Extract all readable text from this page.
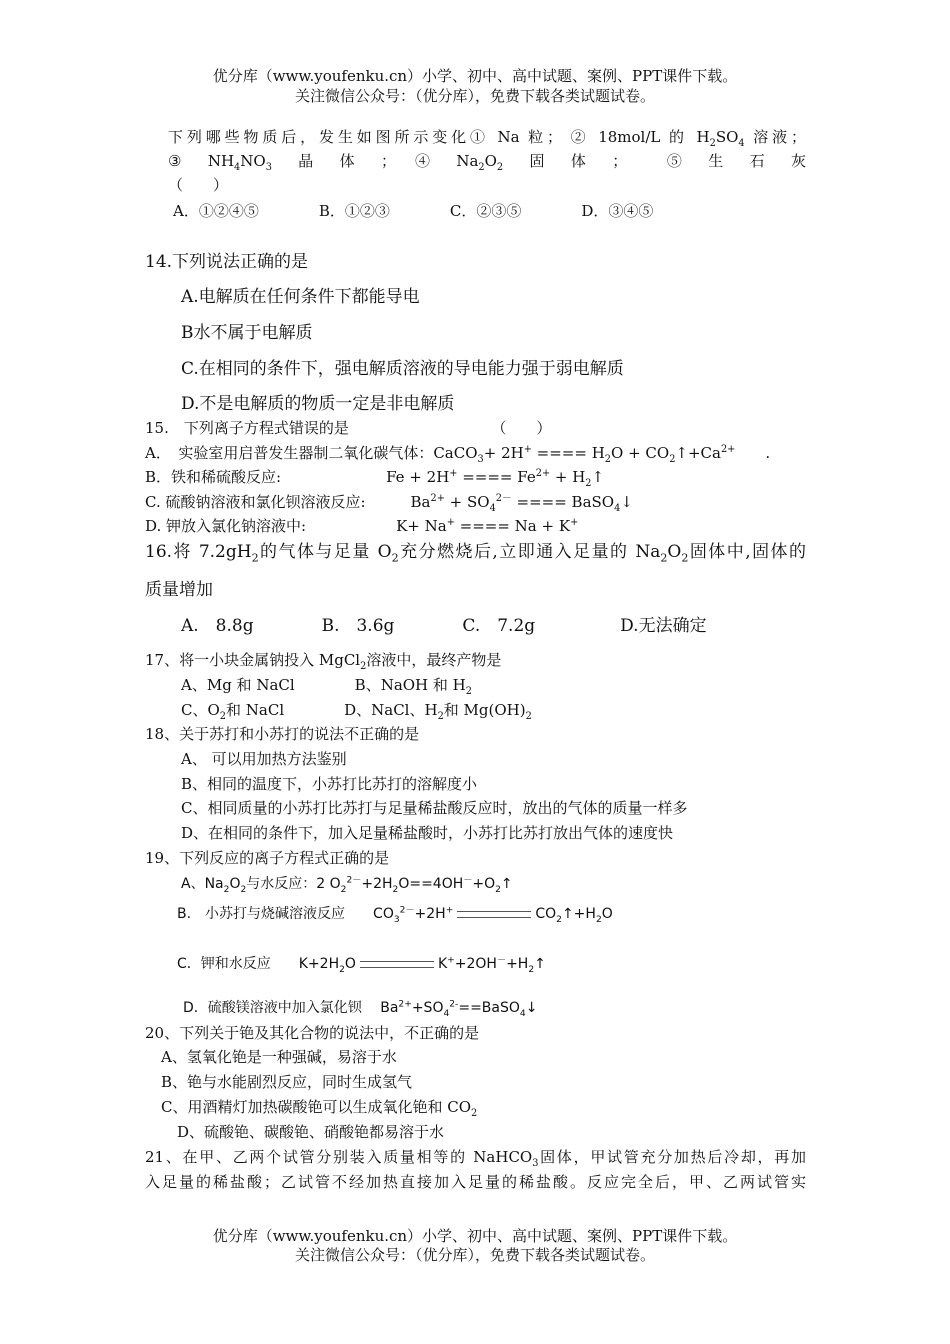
优分库（www.youfenku.cn）小学、初中、高中试题、案例、PPT课件下载。
关注微信公众号：（优分库），免费下载各类试题试卷。
下列哪些物质后，发生如图所示变化① Na 粒； ② 18mol/L 的 $H_2SO_4$ 溶液；
③　$NH_4NO_3$　晶　体　；　④　$Na_2O_2$　固　体　；　　⑤　生　石　灰
（　　）
A．①②④⑤　　　　B．①②③　　　　C．②③⑤　　　　D．③④⑤
14.下列说法正确的是
A.电解质在任何条件下都能导电
B水不属于电解质
C.在相同的条件下，强电解质溶液的导电能力强于弱电解质
D.不是电解质的物质一定是非电解质
15.　下列离子方程式错误的是　　　　　　　　　　（　　）
A．　实验室用启普发生器制二氧化碳气体：CaCO$_3$+ 2H+ ==== $H_2O$ + $CO_2↑+Ca^{2+}$　　.
B．铁和稀硫酸反应:　　　　　　　Fe + 2H+ ==== $Fe^{2+}$ + $H_2↑$
C. 硫酸钠溶液和氯化钡溶液反应:　　　$Ba^{2+} + SO_4^{2-}$ ==== BaSO$_4$↓
D. 钾放入氯化钠溶液中:　　　　　　K+ Na+ ==== Na + K+
16.将 $7.2gH_2$的气体与足量 $O_2$充分燃烧后,立即通入足量的 $Na_2O_2$固体中,固体的
质量增加
A.　8.8g　　　　B.　3.6g　　　　C.　7.2g　　　　　D.无法确定
17、将一小块金属钠投入 MgCl$_2$溶液中，最终产物是
A、Mg 和 NaCl　　　　B、NaOH 和 $H_2$
C、$O_2$和 NaCl　　　　D、NaCl、$H_2$和 $Mg(OH)_2$
18、关于苏打和小苏打的说法不正确的是
A、 可以用加热方法鉴别
B、相同的温度下，小苏打比苏打的溶解度小
C、相同质量的小苏打比苏打与足量稀盐酸反应时，放出的气体的质量一样多
D、在相同的条件下，加入足量稀盐酸时，小苏打比苏打放出气体的速度快
19、下列反应的离子方程式正确的是
A、$Na_2O_2$与水反应：2 $O_2^{2-}+2H_2O==4OH^-+O_2↑$
B.　小苏打与烧碱溶液反应　　$CO_3^{2-}+2H^+$	$CO_2↑+H_2O$
C．钾和水反应　　$K+2H_2O$	$K^++2OH^-+H_2↑$
D．硫酸镁溶液中加入氯化钡　 $Ba^{2+}+SO_4^{2-}==BaSO_4↓$
20、下列关于铯及其化合物的说法中，不正确的是
A、氢氧化铯是一种强碱，易溶于水
B、铯与水能剧烈反应，同时生成氢气
C、用酒精灯加热碳酸铯可以生成氧化铯和 $CO_2$
D、硫酸铯、碳酸铯、硝酸铯都易溶于水
21、在甲、乙两个试管分别装入质量相等的 NaHCO$_3$固体，甲试管充分加热后冷却，再加
入足量的稀盐酸；乙试管不经加热直接加入足量的稀盐酸。反应完全后，甲、乙两试管实
优分库（www.youfenku.cn）小学、初中、高中试题、案例、PPT课件下载。
关注微信公众号：（优分库），免费下载各类试题试卷。
